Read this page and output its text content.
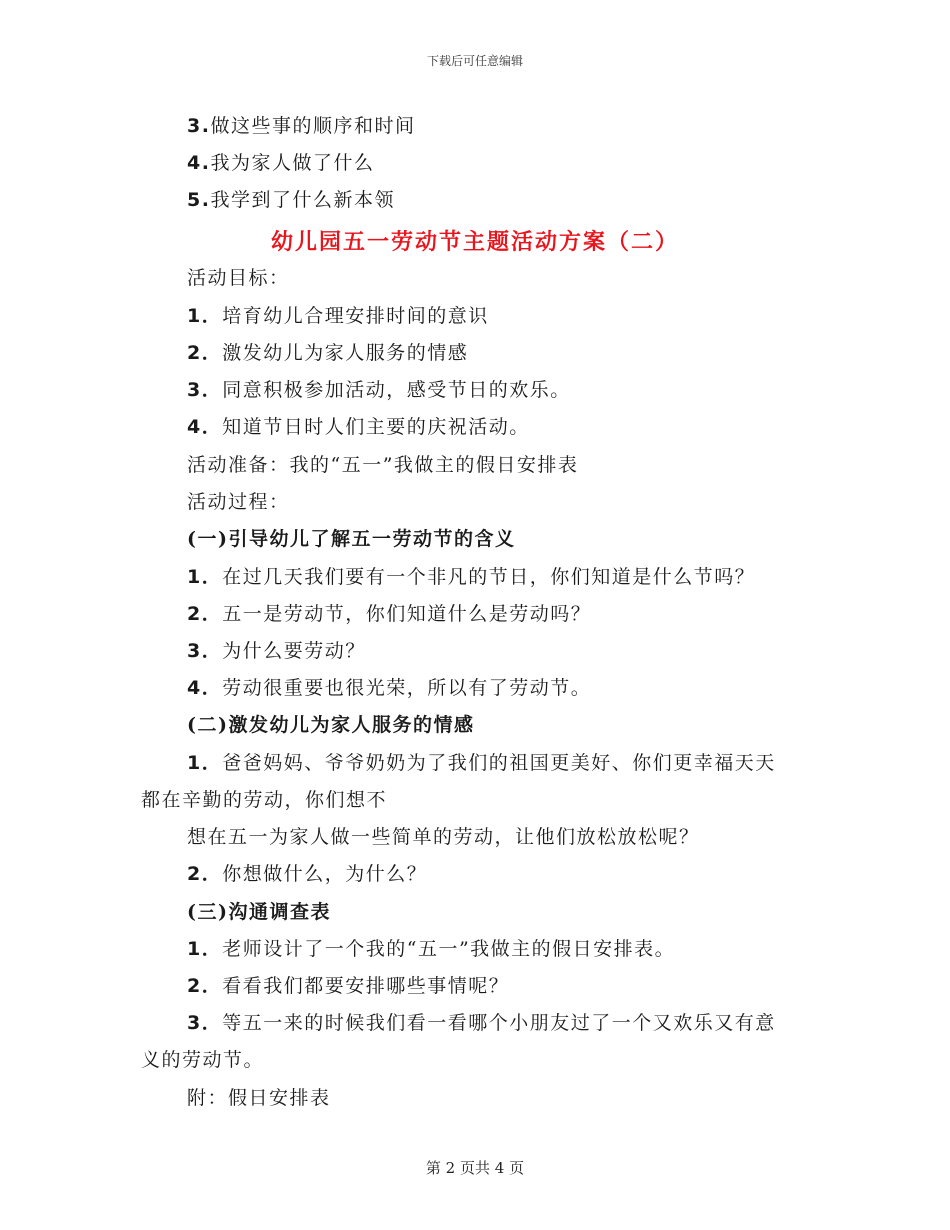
下载后可任意编辑
3.做这些事的顺序和时间
4.我为家人做了什么
5.我学到了什么新本领
幼儿园五一劳动节主题活动方案（二）
活动目标：
1．培育幼儿合理安排时间的意识
2．激发幼儿为家人服务的情感
3．同意积极参加活动，感受节日的欢乐。
4．知道节日时人们主要的庆祝活动。
活动准备：我的“五一”我做主的假日安排表
活动过程：
(一)引导幼儿了解五一劳动节的含义
1．在过几天我们要有一个非凡的节日，你们知道是什么节吗？
2．五一是劳动节，你们知道什么是劳动吗？
3．为什么要劳动？
4．劳动很重要也很光荣，所以有了劳动节。
(二)激发幼儿为家人服务的情感
1．爸爸妈妈、爷爷奶奶为了我们的祖国更美好、你们更幸福天天
都在辛勤的劳动，你们想不
想在五一为家人做一些简单的劳动，让他们放松放松呢？
2．你想做什么，为什么？
(三)沟通调查表
1．老师设计了一个我的“五一”我做主的假日安排表。
2．看看我们都要安排哪些事情呢？
3．等五一来的时候我们看一看哪个小朋友过了一个又欢乐又有意
义的劳动节。
附：假日安排表
第 2 页共 4 页
